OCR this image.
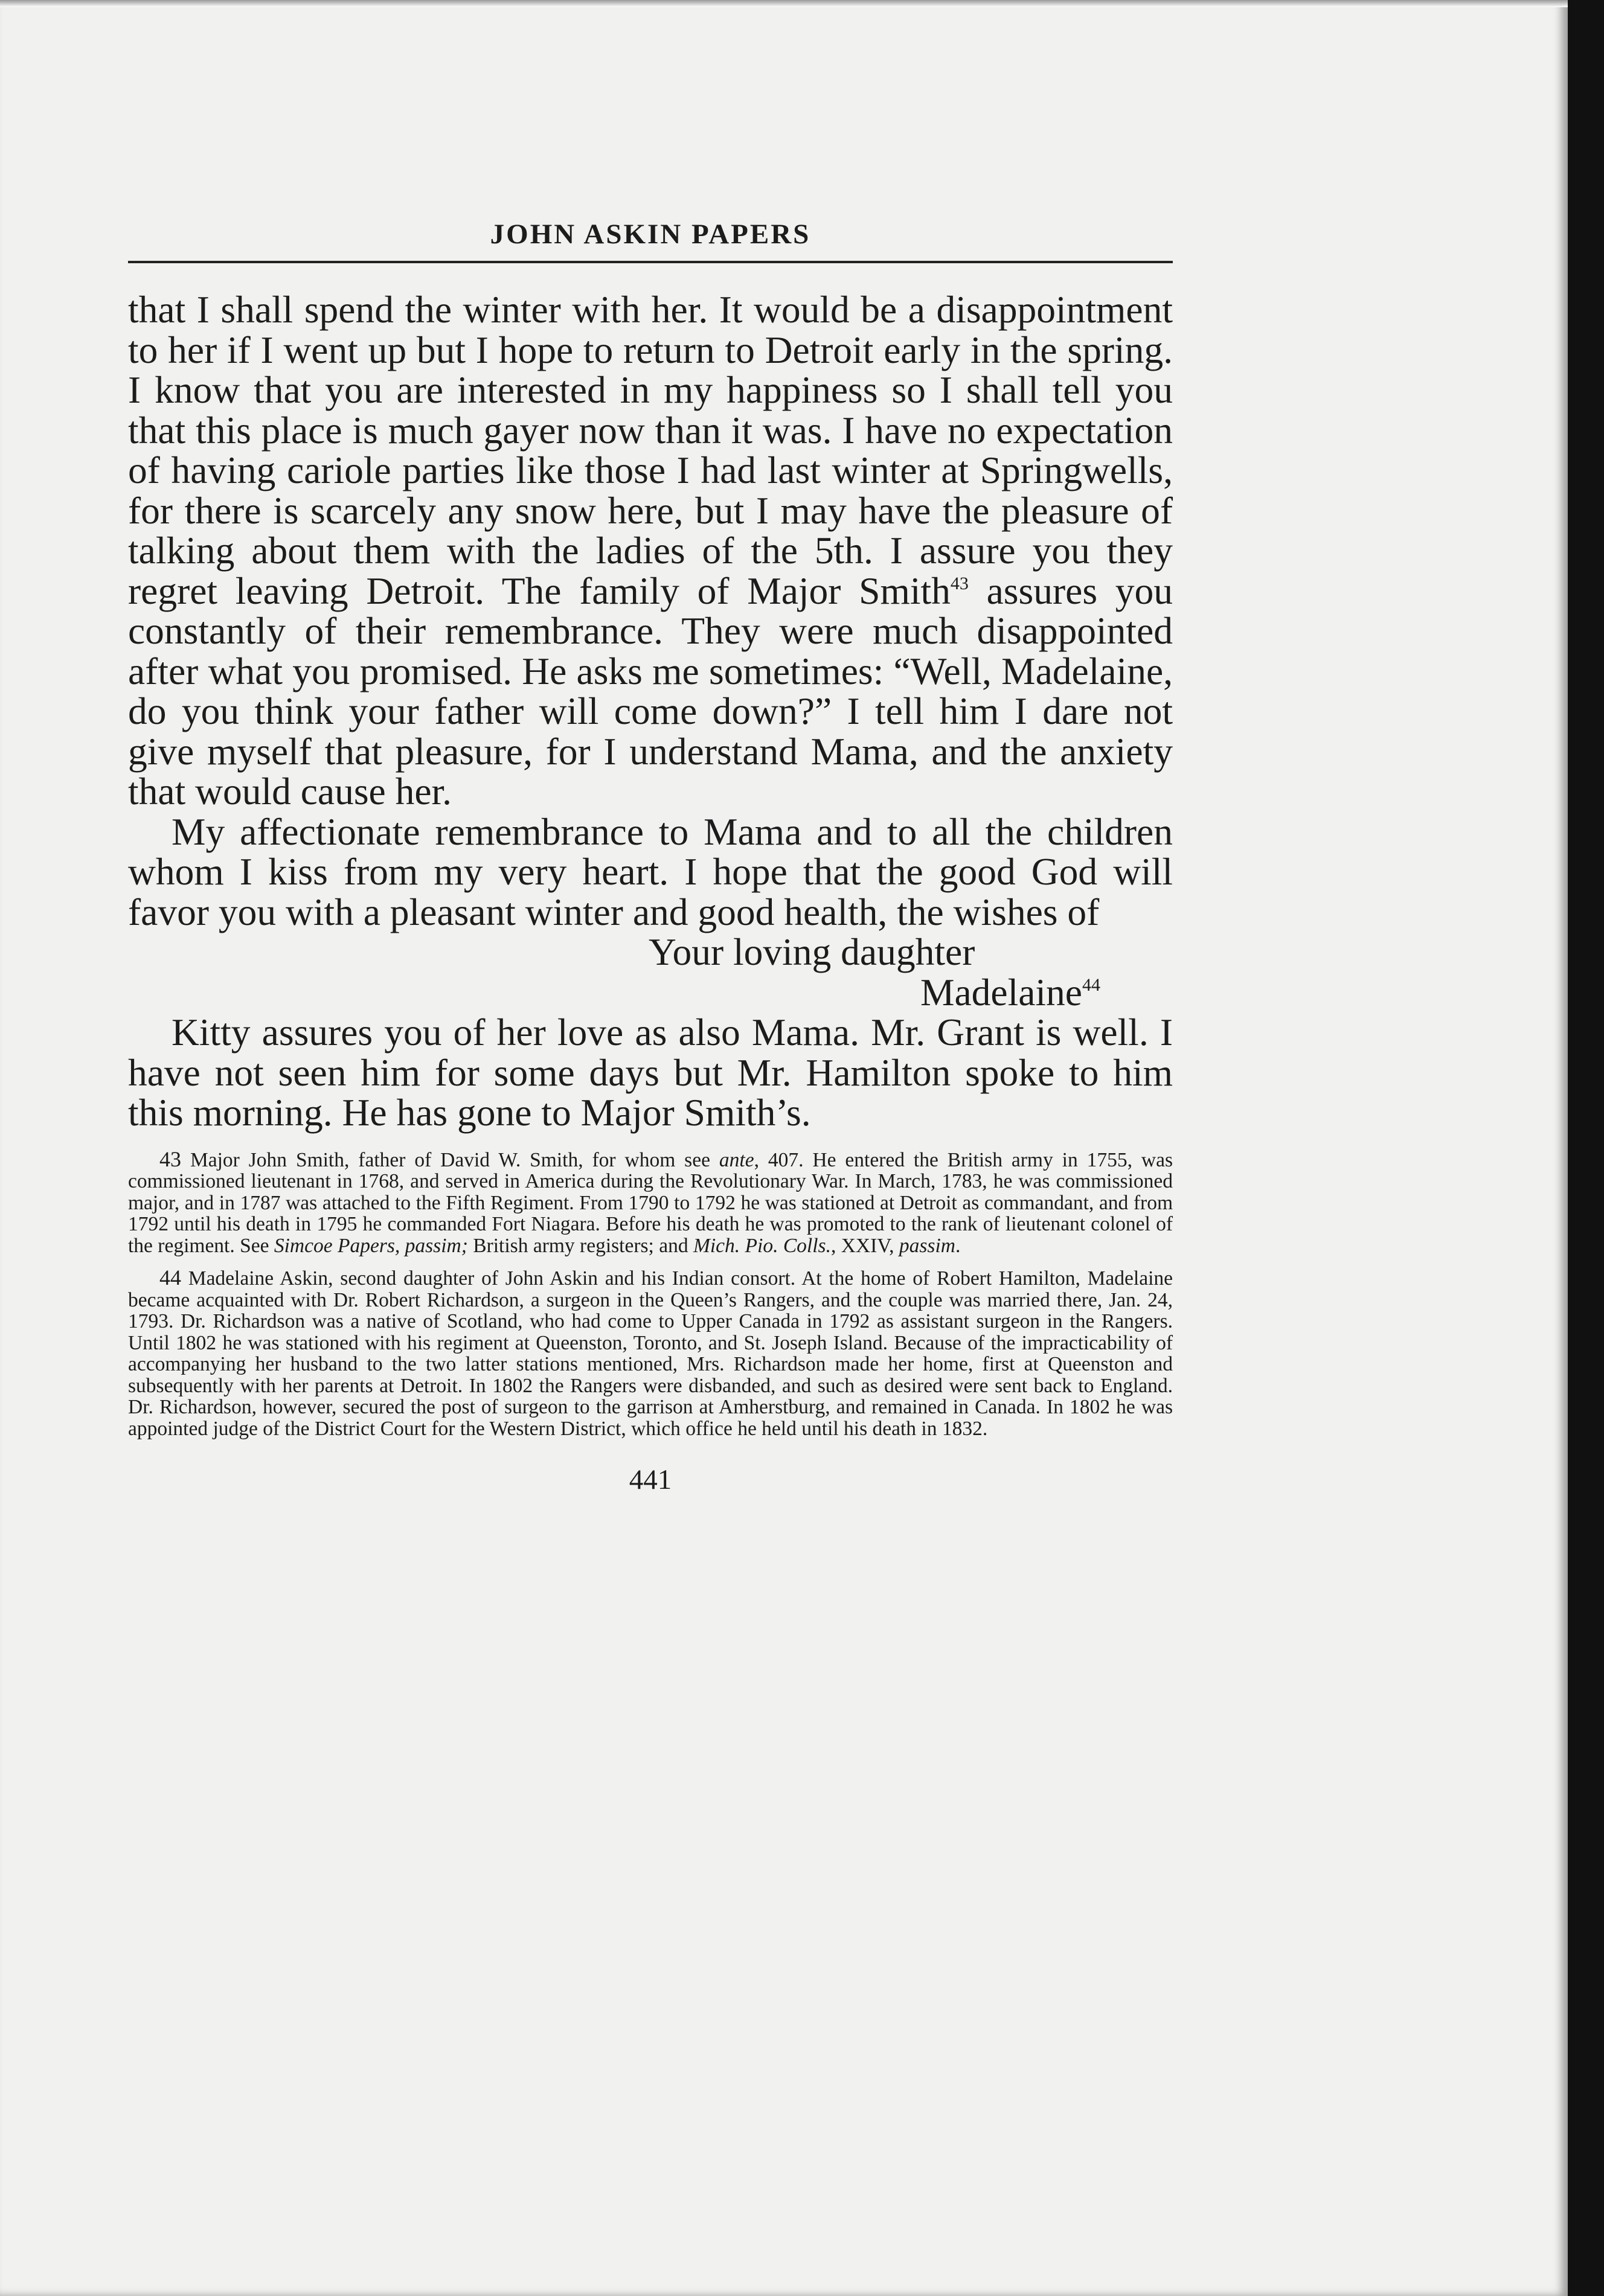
JOHN ASKIN PAPERS

that I shall spend the winter with her. It would be a disappointment to her if I went up but I hope to return to Detroit early in the spring. I know that you are interested in my happiness so I shall tell you that this place is much gayer now than it was. I have no expectation of having cariole parties like those I had last winter at Springwells, for there is scarcely any snow here, but I may have the pleasure of talking about them with the ladies of the 5th. I assure you they regret leaving Detroit. The family of Major Smith$^{43}$ assures you constantly of their remembrance. They were much disappointed after what you promised. He asks me sometimes: “Well, Madelaine, do you think your father will come down?” I tell him I dare not give myself that pleasure, for I understand Mama, and the anxiety that would cause her.

My affectionate remembrance to Mama and to all the children whom I kiss from my very heart. I hope that the good God will favor you with a pleasant winter and good health, the wishes of

Your loving daughter
Madelaine$^{44}$

Kitty assures you of her love as also Mama. Mr. Grant is well. I have not seen him for some days but Mr. Hamilton spoke to him this morning. He has gone to Major Smith’s.

43 Major John Smith, father of David W. Smith, for whom see ante, 407. He entered the British army in 1755, was commissioned lieutenant in 1768, and served in America during the Revolutionary War. In March, 1783, he was commissioned major, and in 1787 was attached to the Fifth Regiment. From 1790 to 1792 he was stationed at Detroit as commandant, and from 1792 until his death in 1795 he commanded Fort Niagara. Before his death he was promoted to the rank of lieutenant colonel of the regiment. See Simcoe Papers, passim; British army registers; and Mich. Pio. Colls., XXIV, passim.

44 Madelaine Askin, second daughter of John Askin and his Indian consort. At the home of Robert Hamilton, Madelaine became acquainted with Dr. Robert Richardson, a surgeon in the Queen’s Rangers, and the couple was married there, Jan. 24, 1793. Dr. Richardson was a native of Scotland, who had come to Upper Canada in 1792 as assistant surgeon in the Rangers. Until 1802 he was stationed with his regiment at Queenston, Toronto, and St. Joseph Island. Because of the impracticability of accompanying her husband to the two latter stations mentioned, Mrs. Richardson made her home, first at Queenston and subsequently with her parents at Detroit. In 1802 the Rangers were disbanded, and such as desired were sent back to England. Dr. Richardson, however, secured the post of surgeon to the garrison at Amherstburg, and remained in Canada. In 1802 he was appointed judge of the District Court for the Western District, which office he held until his death in 1832.

441
